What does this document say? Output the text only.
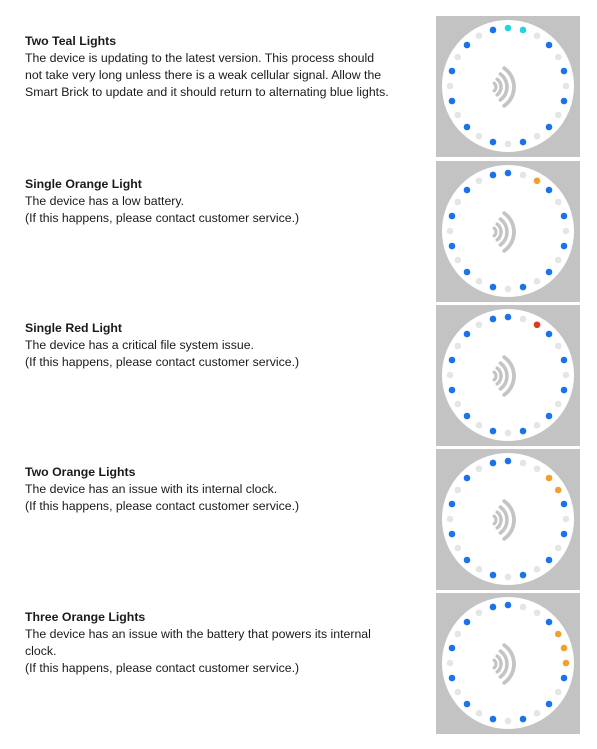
Two Teal Lights
The device is updating to the latest version. This process should
not take very long unless there is a weak cellular signal. Allow the
Smart Brick to update and it should return to alternating blue lights.
Single Orange Light
The device has a low battery.
(If this happens, please contact customer service.)
Single Red Light
The device has a critical file system issue.
(If this happens, please contact customer service.)
Two Orange Lights
The device has an issue with its internal clock.
(If this happens, please contact customer service.)
Three Orange Lights
The device has an issue with the battery that powers its internal
clock.
(If this happens, please contact customer service.)
